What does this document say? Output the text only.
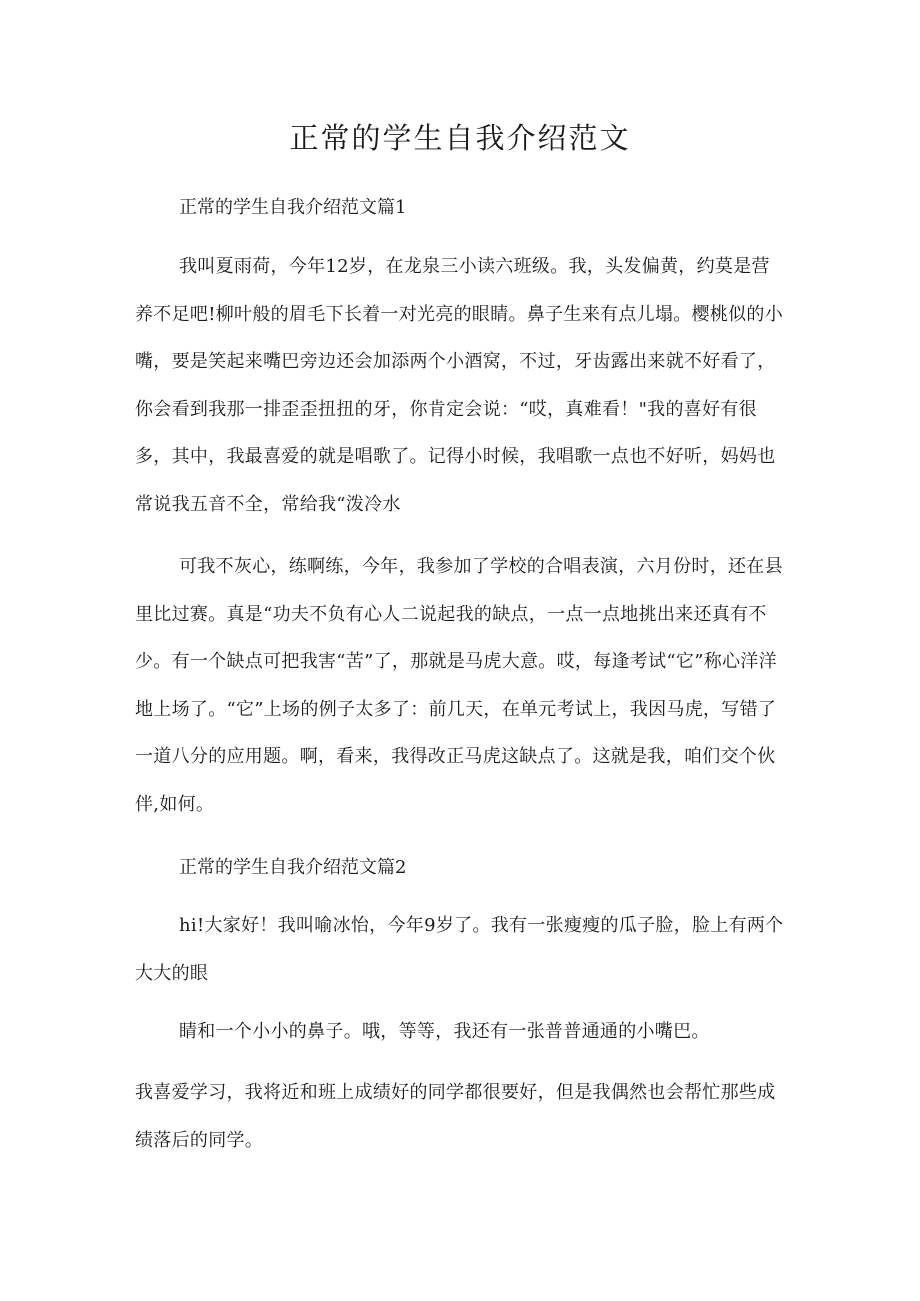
正常的学生自我介绍范文
正常的学生自我介绍范文篇1

我叫夏雨荷，今年12岁，在龙泉三小读六班级。我，头发偏黄，约莫是营养不足吧!柳叶般的眉毛下长着一对光亮的眼睛。鼻子生来有点儿塌。樱桃似的小嘴，要是笑起来嘴巴旁边还会加添两个小酒窝，不过，牙齿露出来就不好看了，你会看到我那一排歪歪扭扭的牙，你肯定会说：“哎，真难看！"我的喜好有很多，其中，我最喜爱的就是唱歌了。记得小时候，我唱歌一点也不好听，妈妈也常说我五音不全，常给我“泼冷水

可我不灰心，练啊练，今年，我参加了学校的合唱表演，六月份时，还在县里比过赛。真是“功夫不负有心人二说起我的缺点，一点一点地挑出来还真有不少。有一个缺点可把我害“苦”了，那就是马虎大意。哎，每逢考试“它”称心洋洋地上场了。“它”上场的例子太多了：前几天，在单元考试上，我因马虎，写错了一道八分的应用题。啊，看来，我得改正马虎这缺点了。这就是我，咱们交个伙伴,如何。

正常的学生自我介绍范文篇2

hi!大家好！我叫喻冰怡，今年9岁了。我有一张瘦瘦的瓜子脸，脸上有两个大大的眼

睛和一个小小的鼻子。哦，等等，我还有一张普普通通的小嘴巴。

我喜爱学习，我将近和班上成绩好的同学都很要好，但是我偶然也会帮忙那些成绩落后的同学。
